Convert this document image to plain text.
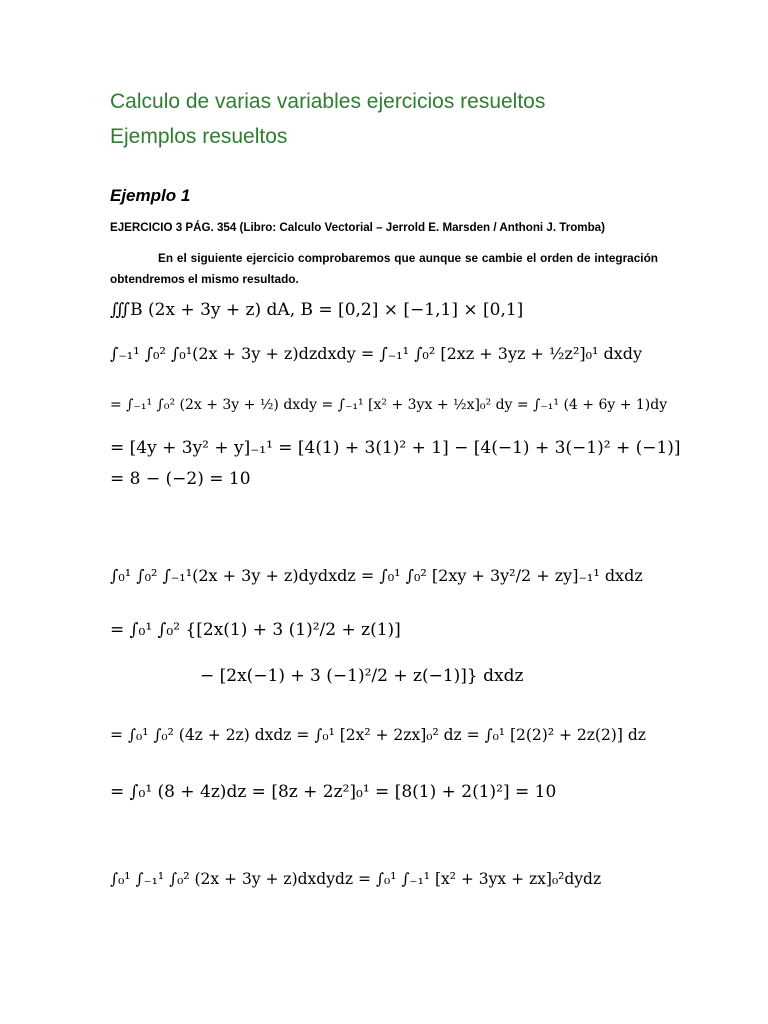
Calculo de varias variables ejercicios resueltos
Ejemplos resueltos
Ejemplo 1
EJERCICIO 3 PÁG. 354 (Libro: Calculo Vectorial – Jerrold E. Marsden / Anthoni J. Tromba)
En el siguiente ejercicio comprobaremos que aunque se cambie el orden de integración obtendremos el mismo resultado.
∭B (2x + 3y + z) dA, B = [0,2] × [−1,1] × [0,1]
∫₋₁¹ ∫₀² ∫₀¹(2x + 3y + z)dzdxdy = ∫₋₁¹ ∫₀² [2xz + 3yz + ½z²]₀¹ dxdy
= ∫₋₁¹ ∫₀² (2x + 3y + ½) dxdy = ∫₋₁¹ [x² + 3yx + ½x]₀² dy = ∫₋₁¹ (4 + 6y + 1)dy
= [4y + 3y² + y]₋₁¹ = [4(1) + 3(1)² + 1] − [4(−1) + 3(−1)² + (−1)]
= 8 − (−2) = 10
∫₀¹ ∫₀² ∫₋₁¹(2x + 3y + z)dydxdz = ∫₀¹ ∫₀² [2xy + 3y²/2 + zy]₋₁¹ dxdz
= ∫₀¹ ∫₀² {[2x(1) + 3 (1)²/2 + z(1)]
− [2x(−1) + 3 (−1)²/2 + z(−1)]} dxdz
= ∫₀¹ ∫₀² (4z + 2z) dxdz = ∫₀¹ [2x² + 2zx]₀² dz = ∫₀¹ [2(2)² + 2z(2)] dz
= ∫₀¹ (8 + 4z)dz = [8z + 2z²]₀¹ = [8(1) + 2(1)²] = 10
∫₀¹ ∫₋₁¹ ∫₀² (2x + 3y + z)dxdydz = ∫₀¹ ∫₋₁¹ [x² + 3yx + zx]₀²dydz
